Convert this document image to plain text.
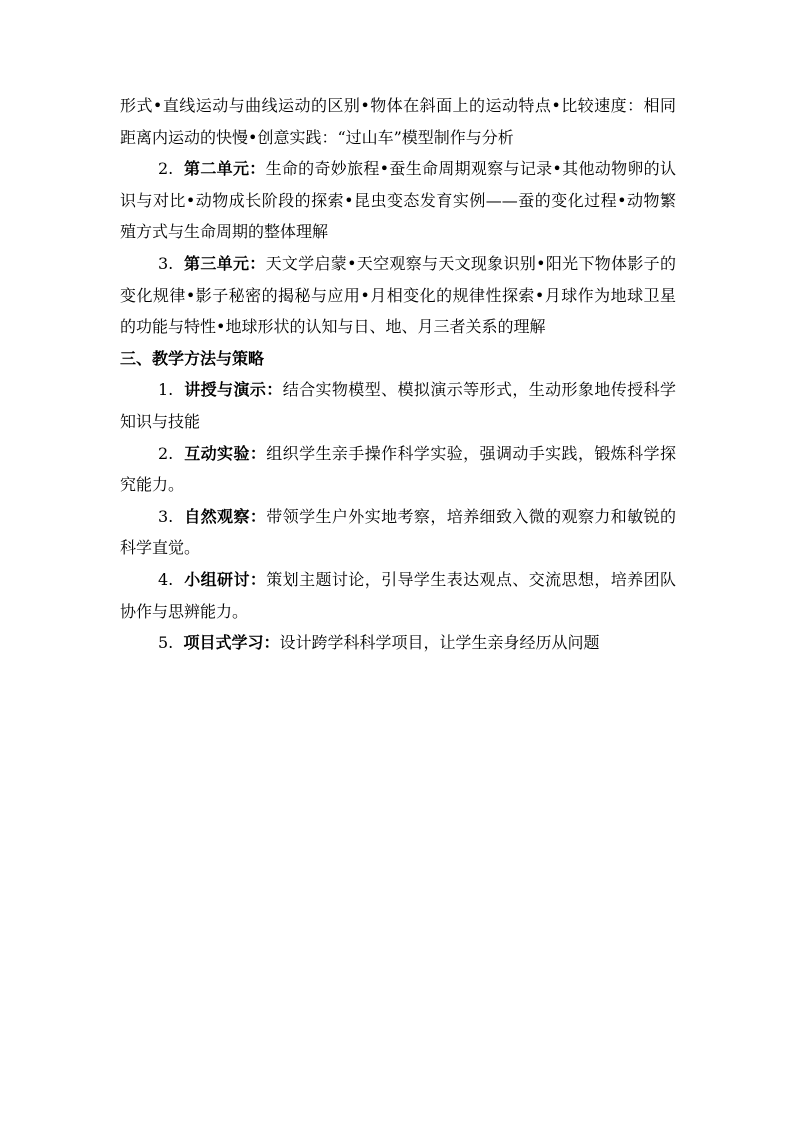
形式•直线运动与曲线运动的区别•物体在斜面上的运动特点•比较速度：相同距离内运动的快慢•创意实践：“过山车”模型制作与分析

2. 第二单元：生命的奇妙旅程•蚕生命周期观察与记录•其他动物卵的认识与对比•动物成长阶段的探索•昆虫变态发育实例——蚕的变化过程•动物繁殖方式与生命周期的整体理解

3. 第三单元：天文学启蒙•天空观察与天文现象识别•阳光下物体影子的变化规律•影子秘密的揭秘与应用•月相变化的规律性探索•月球作为地球卫星的功能与特性•地球形状的认知与日、地、月三者关系的理解

三、教学方法与策略

1. 讲授与演示：结合实物模型、模拟演示等形式，生动形象地传授科学知识与技能

2. 互动实验：组织学生亲手操作科学实验，强调动手实践，锻炼科学探究能力。

3. 自然观察：带领学生户外实地考察，培养细致入微的观察力和敏锐的科学直觉。

4. 小组研讨：策划主题讨论，引导学生表达观点、交流思想，培养团队协作与思辨能力。

5. 项目式学习：设计跨学科科学项目，让学生亲身经历从问题
